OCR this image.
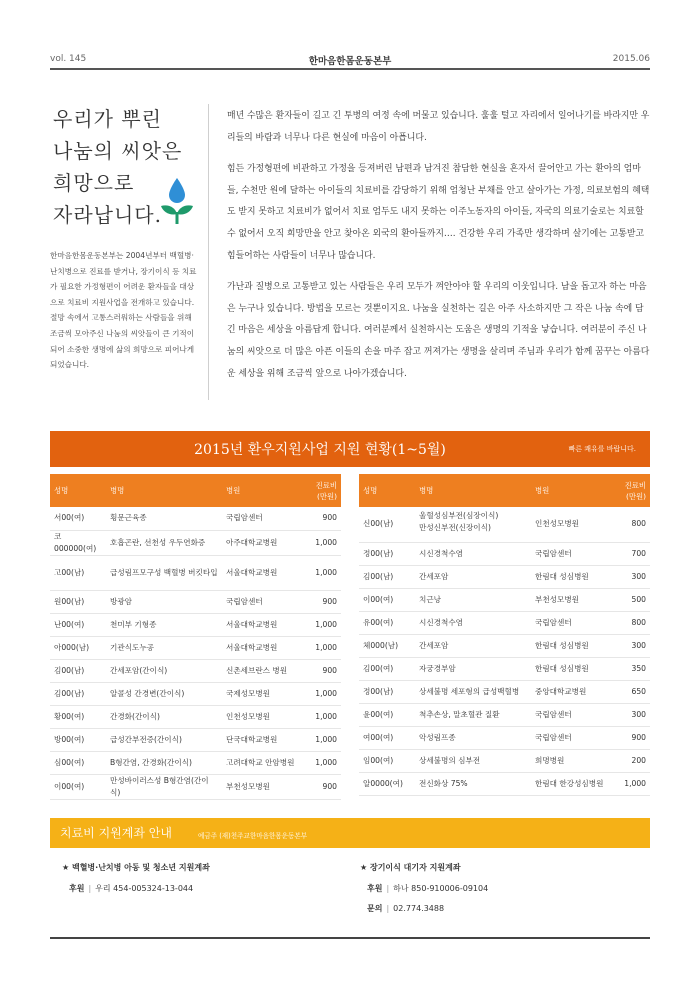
vol. 145	한마음한몸운동본부	2015.06
우리가 뿌린
나눔의 씨앗은
희망으로
자라납니다.
한마음한몸운동본부는 2004년부터 백혈병·난치병으로 진료를 받거나, 장기이식 등 치료가 필요한 가정형편이 어려운 환자들을 대상으로 치료비 지원사업을 전개하고 있습니다. 절망 속에서 고통스러워하는 사람들을 위해 조금씩 모아주신 나눔의 씨앗들이 큰 기적이 되어 소중한 생명에 삶의 희망으로 피어나게 되었습니다.

매년 수많은 환자들이 길고 긴 투병의 여정 속에 머물고 있습니다. 훌훌 털고 자리에서 일어나기를 바라지만 우리들의 바람과 너무나 다른 현실에 마음이 아픕니다.

힘든 가정형편에 비관하고 가정을 등져버린 남편과 남겨진 참담한 현실을 혼자서 끌어안고 가는 환아의 엄마들, 수천만 원에 달하는 아이들의 치료비를 감당하기 위해 엄청난 부채를 안고 살아가는 가정, 의료보험의 혜택도 받지 못하고 치료비가 없어서 치료 엄두도 내지 못하는 이주노동자의 아이들, 자국의 의료기술로는 치료할 수 없어서 오직 희망만을 안고 찾아온 외국의 환아들까지…. 건강한 우리 가족만 생각하며 살기에는 고통받고 힘들어하는 사람들이 너무나 많습니다.

가난과 질병으로 고통받고 있는 사람들은 우리 모두가 껴안아야 할 우리의 이웃입니다. 남을 돕고자 하는 마음은 누구나 있습니다. 방법을 모르는 것뿐이지요. 나눔을 실천하는 길은 아주 사소하지만 그 작은 나눔 속에 담긴 마음은 세상을 아름답게 합니다. 여러분께서 실천하시는 도움은 생명의 기적을 낳습니다. 여러분이 주신 나눔의 씨앗으로 더 많은 아픈 이들의 손을 마주 잡고 꺼져가는 생명을 살리며 주님과 우리가 함께 꿈꾸는 아름다운 세상을 위해 조금씩 앞으로 나아가겠습니다.

2015년 환우지원사업 지원 현황(1~5월)	빠른 쾌유를 바랍니다.
성명	병명	병원	진료비
(만원)
서00(여)	횡문근육종	국립암센터	900
코000000(여)	호흡곤란, 선천성 우두연화증	아주대학교병원	1,000
고00(남)	급성림프모구성 백혈병 버킷타입	서울대학교병원	1,000
원00(남)	방광암	국립암센터	900
난00(여)	천미부 기형종	서울대학교병원	1,000
아000(남)	기관식도누공	서울대학교병원	1,000
김00(남)	간세포암(간이식)	신촌세브란스 병원	900
김00(남)	알콜성 간경변(간이식)	국제성모병원	1,000
황00(여)	간경화(간이식)	인천성모병원	1,000
방00(여)	급성간부전증(간이식)	단국대학교병원	1,000
심00(여)	B형간염, 간경화(간이식)	고려대학교 안암병원	1,000
이00(여)	만성바이러스성 B형간염(간이식)	부천성모병원	900
성명	병명	병원	진료비
(만원)
신00(남)	울혈성심부전(심장이식)
만성신부전(신장이식)	인천성모병원	800
정00(남)	시신경척수염	국립암센터	700
김00(남)	간세포암	한림대 성심병원	300
이00(여)	치근낭	부천성모병원	500
유00(여)	시신경척수염	국립암센터	800
체000(남)	간세포암	한림대 성심병원	300
김00(여)	자궁경부암	한림대 성심병원	350
정00(남)	상세불명 세포형의 급성백혈병	중앙대학교병원	650
윤00(여)	척추손상, 말초혈관 질환	국립암센터	300
여00(여)	악성림프종	국립암센터	900
임00(여)	상세불명의 심부전	희명병원	200
알0000(여)	전신화상 75%	한림대 한강성심병원	1,000
치료비 지원계좌 안내	예금주 (재)천주교한마음한몸운동본부
★ 백혈병·난치병 아동 및 청소년 지원계좌
후원 | 우리 454-005324-13-044
★ 장기이식 대기자 지원계좌
후원 | 하나 850-910006-09104
문의 | 02.774.3488
